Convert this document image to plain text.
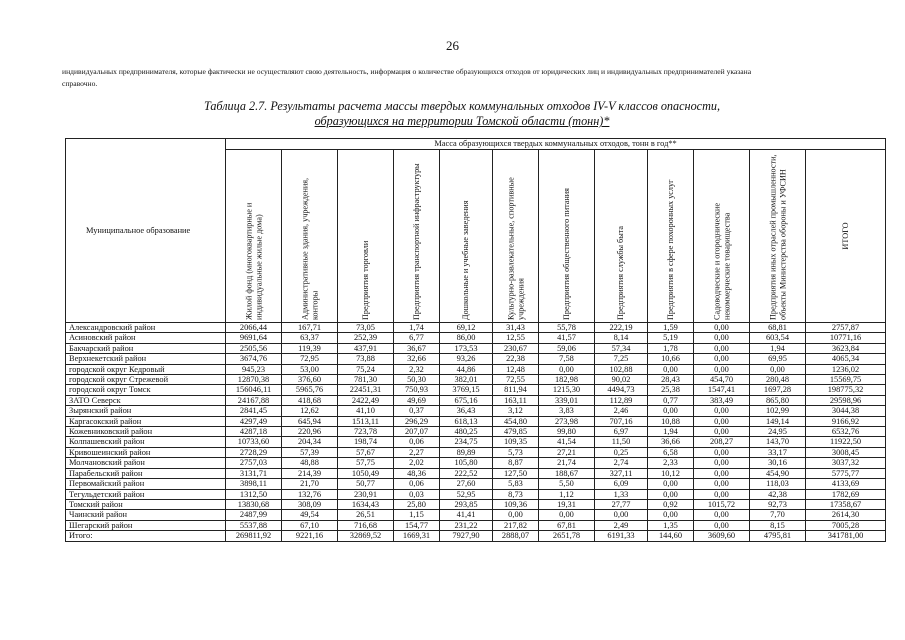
26
индивидуальных предпринимателя, которые фактически не осуществляют свою деятельность, информация о количестве образующихся отходов от юридических лиц и индивидуальных предпринимателей указана
справочно.
Таблица 2.7. Результаты расчета массы твердых коммунальных отходов IV-V классов опасности,
образующихся на территории Томской области (тонн)*
Муниципальное образование	Масса образующихся твердых коммунальных отходов, тонн в год**											

	Жилой фонд (многоквартирные и индивидуальные жилые дома)	Административные здания, учреждения, конторы	Предприятия торговли	Предприятия транспортной инфраструктуры	Дошкольные и учебные заведения	Культурно-развлекательные, спортивные учреждения	Предприятия общественного питания	Предприятия службы быта	Предприятия в сфере похоронных услуг	Садоводческие и огороднические некоммерческие товарищества	Предприятия иных отраслей промышленности, объекты Министерства обороны и УФСИН	ИТОГО

Александровский район	2066,44	167,71	73,05	1,74	69,12	31,43	55,78	222,19	1,59	0,00	68,81	2757,87
Асиновский район	9691,64	63,37	252,39	6,77	86,00	12,55	41,57	8,14	5,19	0,00	603,54	10771,16
Бакчарский район	2505,56	119,39	437,91	36,67	173,53	230,67	59,06	57,34	1,78	0,00	1,94	3623,84
Верхнекетский район	3674,76	72,95	73,88	32,66	93,26	22,38	7,58	7,25	10,66	0,00	69,95	4065,34
городской округ Кедровый	945,23	53,00	75,24	2,32	44,86	12,48	0,00	102,88	0,00	0,00	0,00	1236,02
городской округ Стрежевой	12870,38	376,60	781,30	50,30	382,01	72,55	182,98	90,02	28,43	454,70	280,48	15569,75
городской округ Томск	156046,11	5965,76	22451,31	750,93	3769,15	811,94	1215,30	4494,73	25,38	1547,41	1697,28	198775,32
ЗАТО Северск	24167,88	418,68	2422,49	49,69	675,16	163,11	339,01	112,89	0,77	383,49	865,80	29598,96
Зырянский район	2841,45	12,62	41,10	0,37	36,43	3,12	3,83	2,46	0,00	0,00	102,99	3044,38
Каргасокский район	4297,49	645,94	1513,11	296,29	618,13	454,80	273,98	707,16	10,88	0,00	149,14	9166,92
Кожевниковский район	4287,18	220,96	723,78	207,07	480,25	479,85	99,80	6,97	1,94	0,00	24,95	6532,76
Колпашевский район	10733,60	204,34	198,74	0,06	234,75	109,35	41,54	11,50	36,66	208,27	143,70	11922,50
Кривошеинский район	2728,29	57,39	57,67	2,27	89,89	5,73	27,21	0,25	6,58	0,00	33,17	3008,45
Молчановский район	2757,03	48,88	57,75	2,02	105,80	8,87	21,74	2,74	2,33	0,00	30,16	3037,32
Парабельский район	3131,71	214,39	1050,49	48,36	222,52	127,50	188,67	327,11	10,12	0,00	454,90	5775,77
Первомайский район	3898,11	21,70	50,77	0,06	27,60	5,83	5,50	6,09	0,00	0,00	118,03	4133,69
Тегульдетский район	1312,50	132,76	230,91	0,03	52,95	8,73	1,12	1,33	0,00	0,00	42,38	1782,69
Томский район	13830,68	308,09	1634,43	25,80	293,85	109,36	19,31	27,77	0,92	1015,72	92,73	17358,67
Чаинский район	2487,99	49,54	26,51	1,15	41,41	0,00	0,00	0,00	0,00	0,00	7,70	2614,30
Шегарский район	5537,88	67,10	716,68	154,77	231,22	217,82	67,81	2,49	1,35	0,00	8,15	7005,28
Итого:	269811,92	9221,16	32869,52	1669,31	7927,90	2888,07	2651,78	6191,33	144,60	3609,60	4795,81	341781,00
